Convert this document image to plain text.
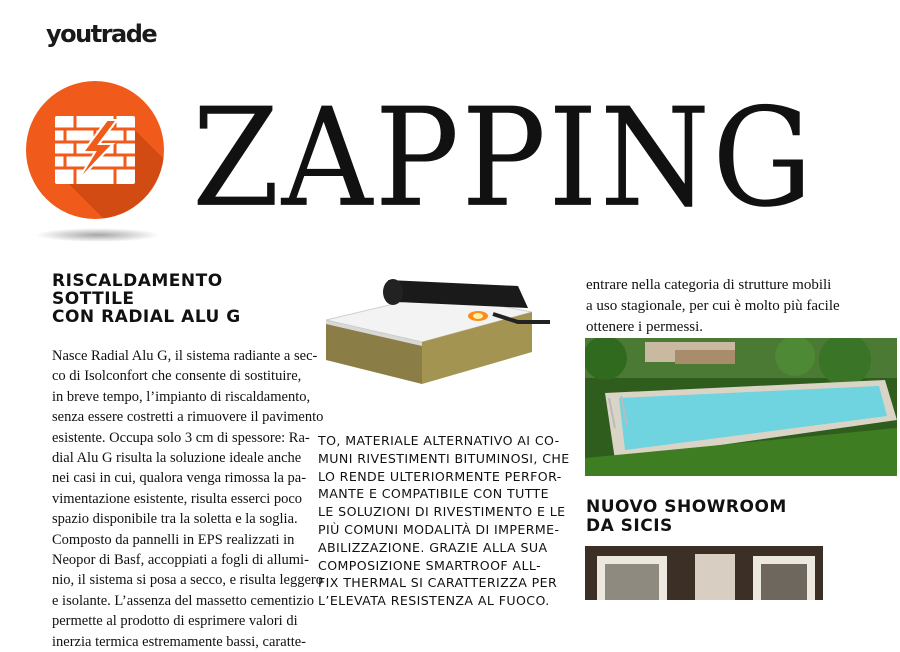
youtrade
ZAPPING
RISCALDAMENTO
SOTTILE
CON RADIAL ALU G
Nasce Radial Alu G, il sistema radiante a sec-
co di Isolconfort che consente di sostituire,
in breve tempo, l’impianto di riscaldamento,
senza essere costretti a rimuovere il pavimento
esistente. Occupa solo 3 cm di spessore: Ra-
dial Alu G risulta la soluzione ideale anche
nei casi in cui, qualora venga rimossa la pa-
vimentazione esistente, risulta esserci poco
spazio disponibile tra la soletta e la soglia.
Composto da pannelli in EPS realizzati in
Neopor di Basf, accoppiati a fogli di allumi-
nio, il sistema si posa a secco, e risulta leggero
e isolante. L’assenza del massetto cementizio
permette al prodotto di esprimere valori di
inerzia termica estremamente bassi, caratte-
TO, MATERIALE ALTERNATIVO AI CO-
MUNI RIVESTIMENTI BITUMINOSI, CHE
LO RENDE ULTERIORMENTE PERFOR-
MANTE E COMPATIBILE CON TUTTE
LE SOLUZIONI DI RIVESTIMENTO E LE
PIÙ COMUNI MODALITÀ DI IMPERME-
ABILIZZAZIONE. GRAZIE ALLA SUA
COMPOSIZIONE SMARTROOF ALL-
FIX THERMAL SI CARATTERIZZA PER
L’ELEVATA RESISTENZA AL FUOCO.
entrare nella categoria di strutture mobili
a uso stagionale, per cui è molto più facile
ottenere i permessi.
NUOVO SHOWROOM
DA SICIS
